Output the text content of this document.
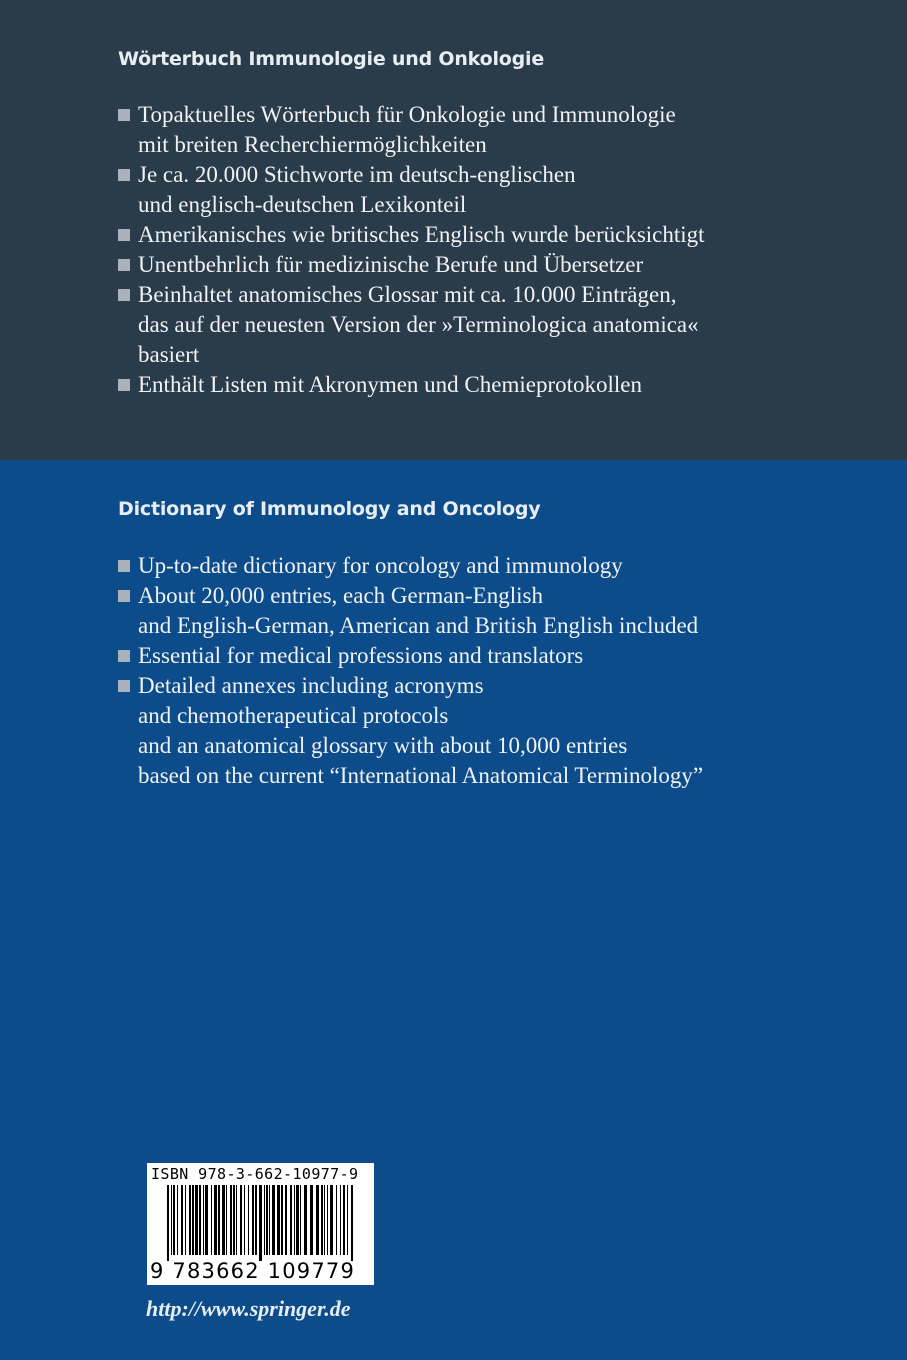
Wörterbuch Immunologie und Onkologie
Topaktuelles Wörterbuch für Onkologie und Immunologie
mit breiten Recherchiermöglichkeiten
Je ca. 20.000 Stichworte im deutsch-englischen
und englisch-deutschen Lexikonteil
Amerikanisches wie britisches Englisch wurde berücksichtigt
Unentbehrlich für medizinische Berufe und Übersetzer
Beinhaltet anatomisches Glossar mit ca. 10.000 Einträgen,
das auf der neuesten Version der »Terminologica anatomica«
basiert
Enthält Listen mit Akronymen und Chemieprotokollen
Dictionary of Immunology and Oncology
Up-to-date dictionary for oncology and immunology
About 20,000 entries, each German-English
and English-German, American and British English included
Essential for medical professions and translators
Detailed annexes including acronyms
and chemotherapeutical protocols
and an anatomical glossary with about 10,000 entries
based on the current “International Anatomical Terminology”
ISBN 978-3-662-10977-9
9 783662 109779
http://www.springer.de
